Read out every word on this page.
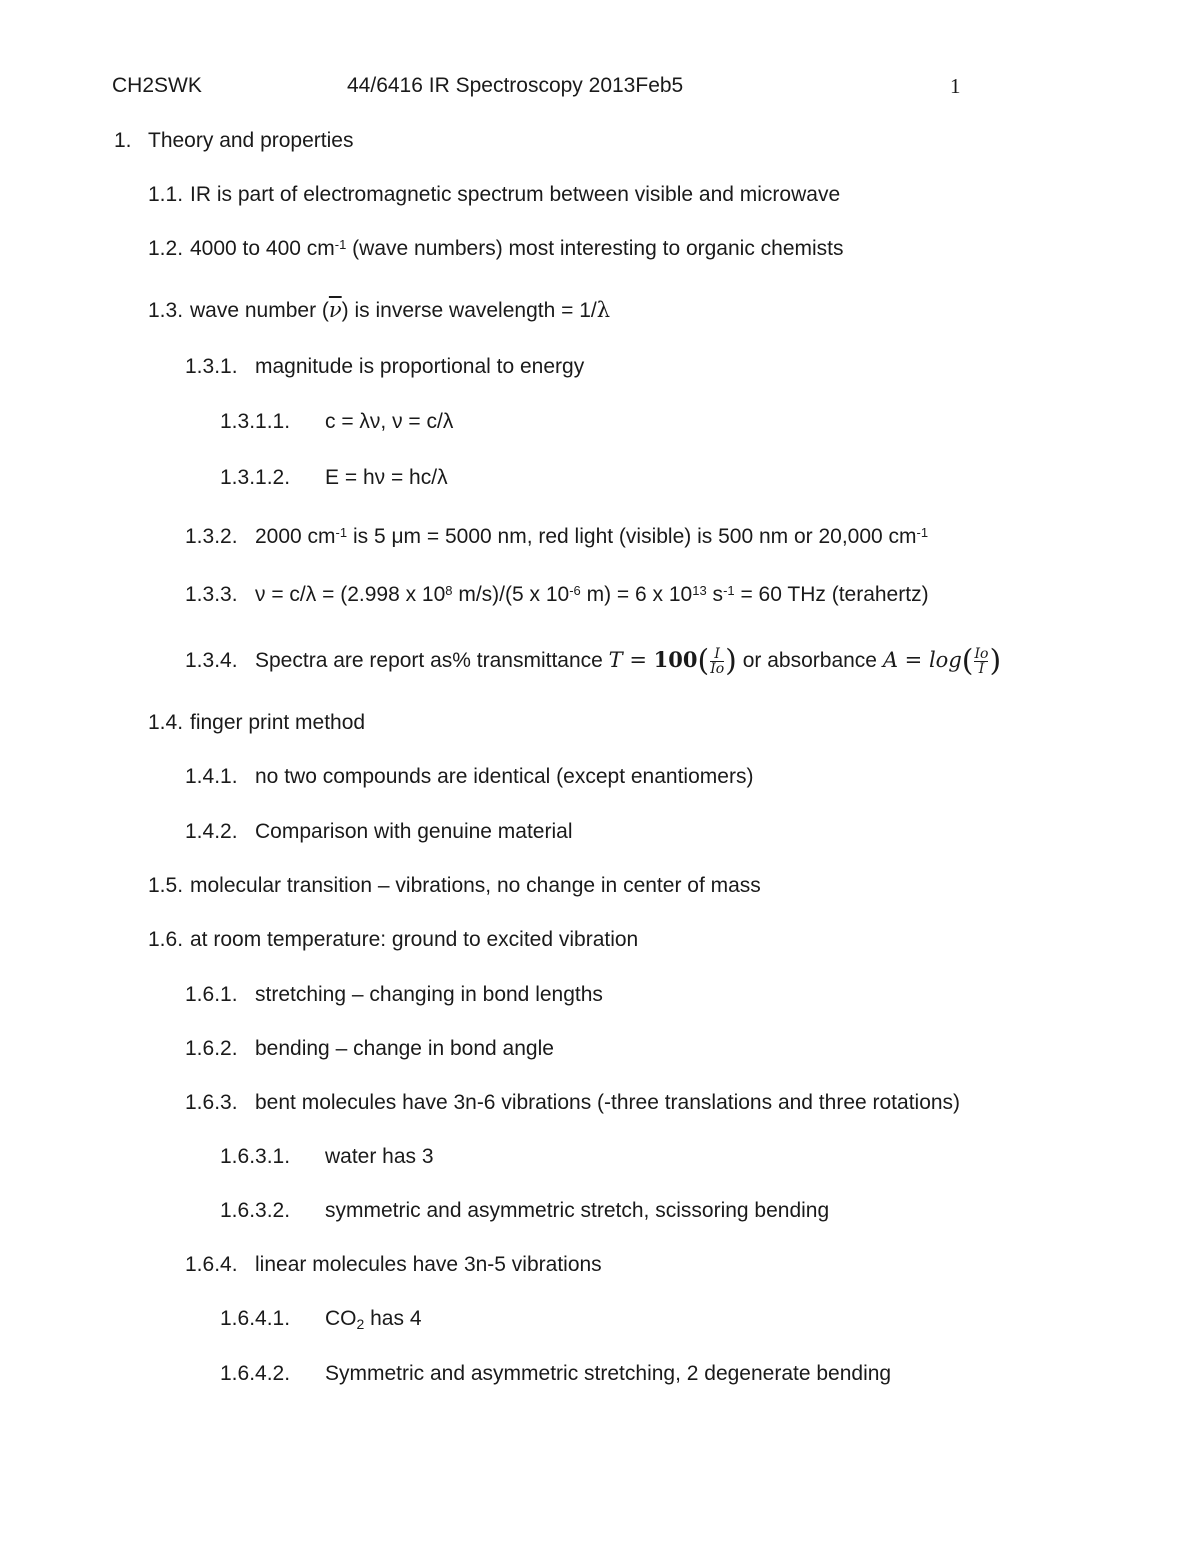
CH2SWK	44/6416 IR Spectroscopy 2013Feb5	1
1. Theory and properties
1.1. IR is part of electromagnetic spectrum between visible and microwave
1.2. 4000 to 400 $cm^{-1}$ (wave numbers) most interesting to organic chemists
1.3. wave number $(\overline{\nu})$ is inverse wavelength = 1/λ
1.3.1. magnitude is proportional to energy
1.3.1.1. c = λν, ν = c/λ
1.3.1.2. E = hν = hc/λ
1.3.2. 2000 $cm^{-1}$ is 5 μm = 5000 nm, red light (visible) is 500 nm or 20,000 $cm^{-1}$
1.3.3. ν = c/λ = (2.998 x $10^8$ m/s)/(5 x $10^{-6}$ m) = 6 x $10^{13}$ $s^{-1} = 60$ THz (terahertz)
1.3.4. Spectra are report as% transmittance $T = 100( \frac{I}{Io}$ ) or absorbance $A = \log( \frac{Io}{I}$ )
1.4. finger print method
1.4.1. no two compounds are identical (except enantiomers)
1.4.2. Comparison with genuine material
1.5. molecular transition – vibrations, no change in center of mass
1.6. at room temperature: ground to excited vibration
1.6.1. stretching – changing in bond lengths
1.6.2. bending – change in bond angle
1.6.3. bent molecules have 3n-6 vibrations (-three translations and three rotations)
1.6.3.1. water has 3
1.6.3.2. symmetric and asymmetric stretch, scissoring bending
1.6.4. linear molecules have 3n-5 vibrations
1.6.4.1. $CO_2$ has 4
1.6.4.2. Symmetric and asymmetric stretching, 2 degenerate bending
